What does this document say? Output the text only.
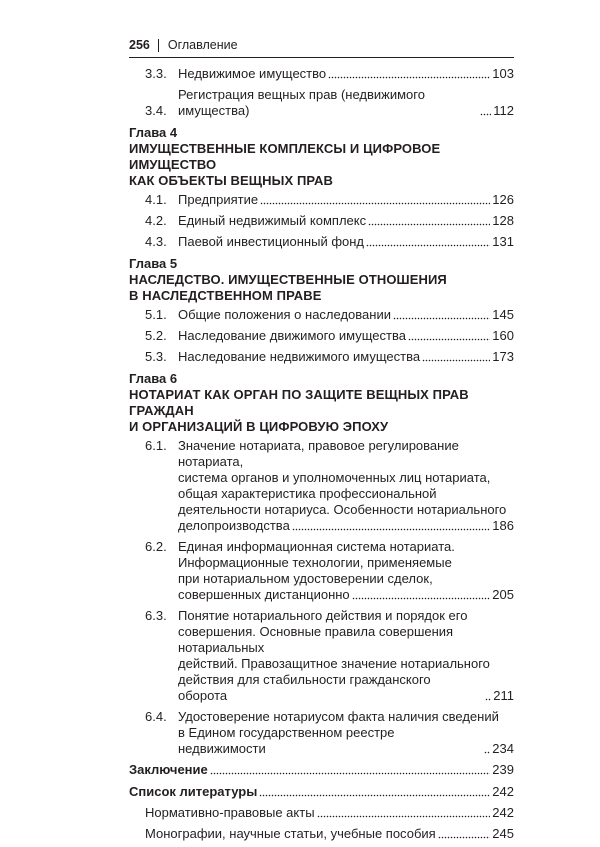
256 Оглавление
3.3. Недвижимое имущество	103
3.4.
Регистрация вещных прав (недвижимого имущества)	112
Глава 4
ИМУЩЕСТВЕННЫЕ КОМПЛЕКСЫ И ЦИФРОВОЕ ИМУЩЕСТВО
КАК ОБЪЕКТЫ ВЕЩНЫХ ПРАВ
4.1. Предприятие	126
4.2. Единый недвижимый комплекс	128
4.3. Паевой инвестиционный фонд	131
Глава 5
НАСЛЕДСТВО. ИМУЩЕСТВЕННЫЕ ОТНОШЕНИЯ
В НАСЛЕДСТВЕННОМ ПРАВЕ
5.1. Общие положения о наследовании	145
5.2. Наследование движимого имущества	160
5.3. Наследование недвижимого имущества	173
Глава 6
НОТАРИАТ КАК ОРГАН ПО ЗАЩИТЕ ВЕЩНЫХ ПРАВ ГРАЖДАН
И ОРГАНИЗАЦИЙ В ЦИФРОВУЮ ЭПОХУ
6.1. Значение нотариата, правовое регулирование нотариата,
система органов и уполномоченных лиц нотариата,
общая характеристика профессиональной
деятельности нотариуса. Особенности нотариального
делопроизводства	186
6.2. Единая информационная система нотариата.
Информационные технологии, применяемые
при нотариальном удостоверении сделок,
совершенных дистанционно	205
6.3. Понятие нотариального действия и порядок его
совершения. Основные правила совершения нотариальных
действий. Правозащитное значение нотариального
действия для стабильности гражданского оборота	211
6.4. Удостоверение нотариусом факта наличия сведений
в Едином государственном реестре недвижимости	234
Заключение	239
Список литературы	242
Нормативно-правовые акты	242
Монографии, научные статьи, учебные пособия	245
